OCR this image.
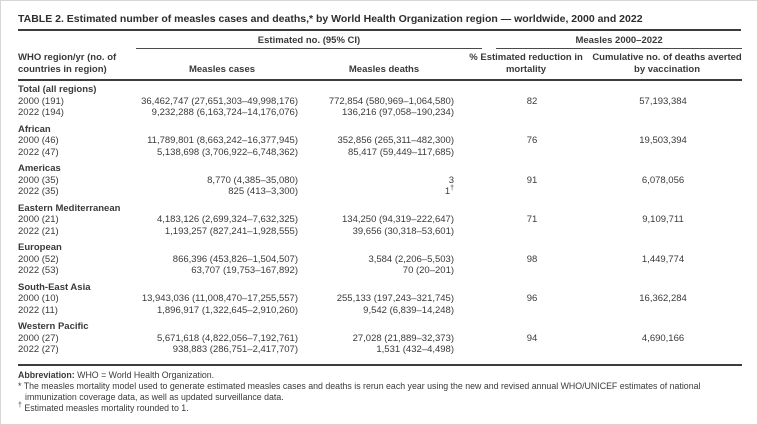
TABLE 2. Estimated number of measles cases and deaths,* by World Health Organization region — worldwide, 2000 and 2022

	Estimated no. (95% CI)		Measles 2000–2022	

WHO region/yr (no. of countries in region)	Measles cases	Measles deaths	% Estimated reduction in mortality	Cumulative no. of deaths averted by vaccination
Total (all regions)				
2000 (191)	36,462,747 (27,651,303–49,998,176)	772,854 (580,969–1,064,580)	82	57,193,384
2022 (194)	9,232,288 (6,163,724–14,176,076)	136,216 (97,058–190,234)		
African				
2000 (46)	11,789,801 (8,663,242–16,377,945)	352,856 (265,311–482,300)	76	19,503,394
2022 (47)	5,138,698 (3,706,922–6,748,362)	85,417 (59,449–117,685)		
Americas				
2000 (35)	8,770 (4,385–35,080)	3	91	6,078,056
2022 (35)	825 (413–3,300)	1†		
Eastern Mediterranean				
2000 (21)	4,183,126 (2,699,324–7,632,325)	134,250 (94,319–222,647)	71	9,109,711
2022 (21)	1,193,257 (827,241–1,928,555)	39,656 (30,318–53,601)		
European				
2000 (52)	866,396 (453,826–1,504,507)	3,584 (2,206–5,503)	98	1,449,774
2022 (53)	63,707 (19,753–167,892)	70 (20–201)		
South-East Asia				
2000 (10)	13,943,036 (11,008,470–17,255,557)	255,133 (197,243–321,745)	96	16,362,284
2022 (11)	1,896,917 (1,322,645–2,910,260)	9,542 (6,839–14,248)		
Western Pacific				
2000 (27)	5,671,618 (4,822,056–7,192,761)	27,028 (21,889–32,373)	94	4,690,166
2022 (27)	938,883 (286,751–2,417,707)	1,531 (432–4,498)		
Abbreviation: WHO = World Health Organization.
* The measles mortality model used to generate estimated measles cases and deaths is rerun each year using the new and revised annual WHO/UNICEF estimates of national immunization coverage data, as well as updated surveillance data.
† Estimated measles mortality rounded to 1.
